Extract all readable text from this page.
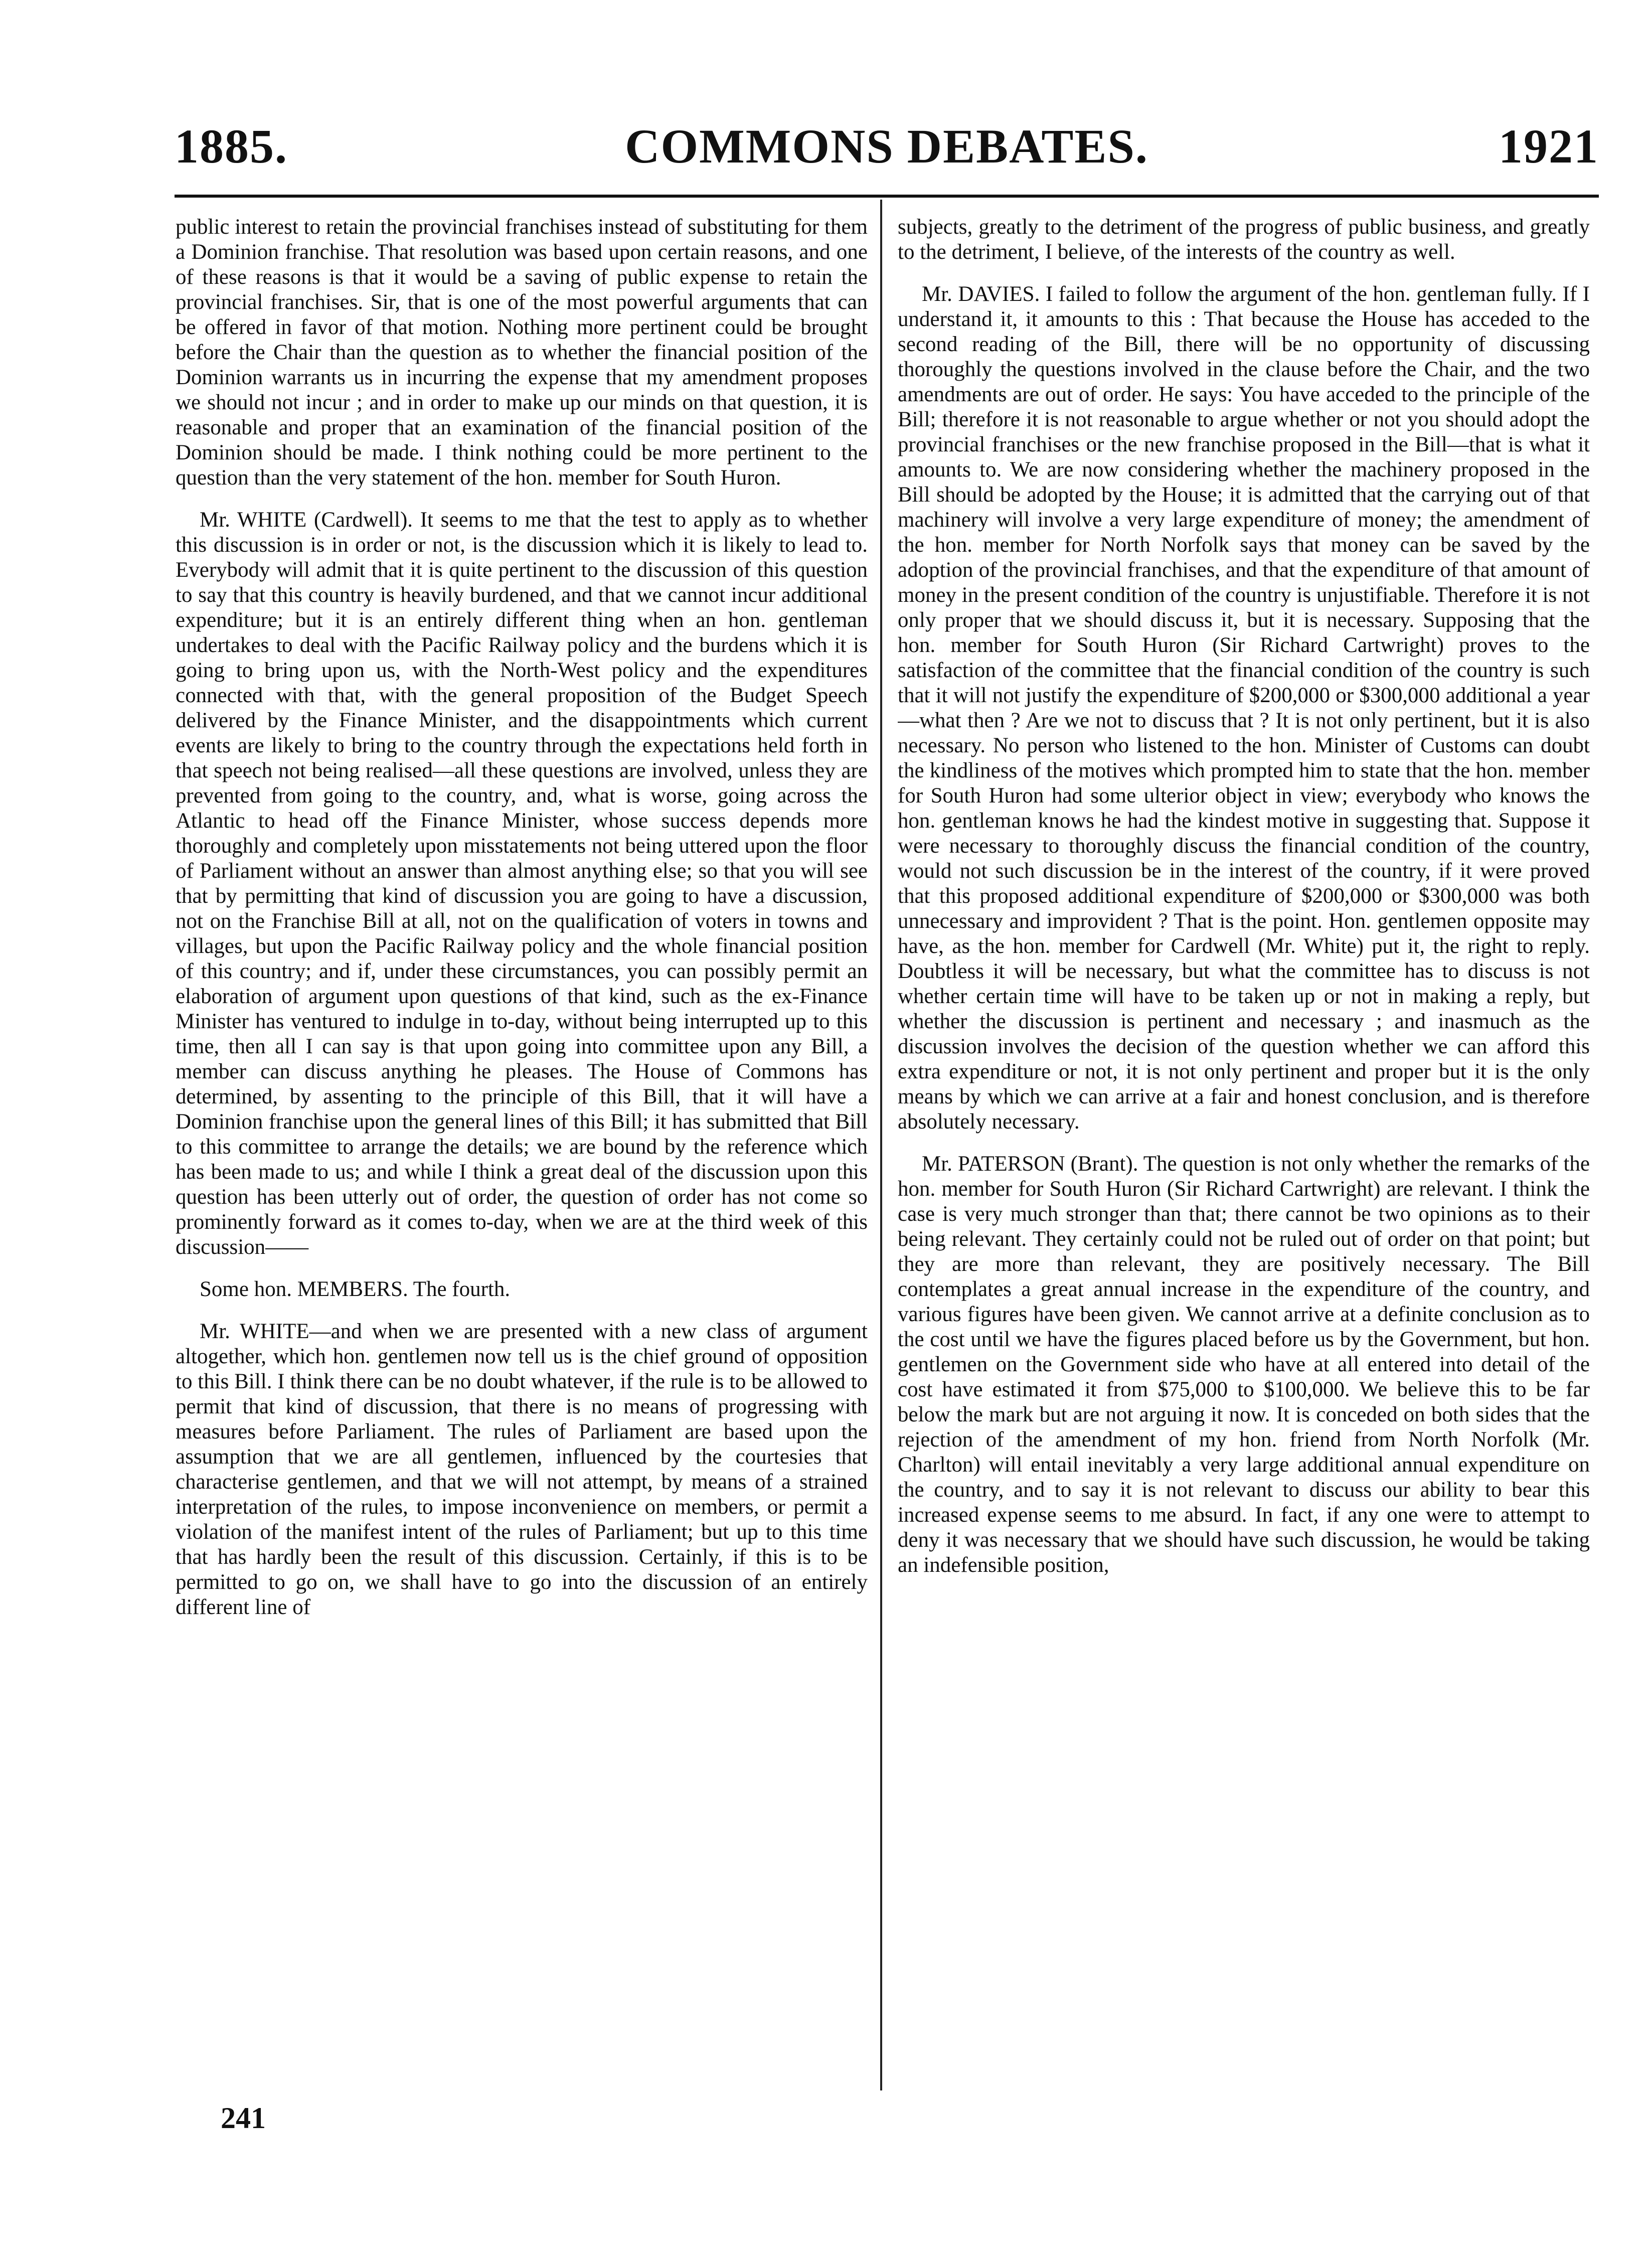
1885.	COMMONS DEBATES.	1921

public interest to retain the provincial franchises instead of substituting for them a Dominion franchise. That resolution was based upon certain reasons, and one of these reasons is that it would be a saving of public expense to retain the provincial franchises. Sir, that is one of the most powerful arguments that can be offered in favor of that motion. Nothing more pertinent could be brought before the Chair than the question as to whether the financial position of the Dominion warrants us in incurring the expense that my amendment proposes we should not incur ; and in order to make up our minds on that question, it is reasonable and proper that an examination of the financial position of the Dominion should be made. I think nothing could be more pertinent to the question than the very statement of the hon. member for South Huron.

Mr. WHITE (Cardwell). It seems to me that the test to apply as to whether this discussion is in order or not, is the discussion which it is likely to lead to. Everybody will admit that it is quite pertinent to the discussion of this question to say that this country is heavily burdened, and that we cannot incur additional expenditure; but it is an entirely different thing when an hon. gentleman undertakes to deal with the Pacific Railway policy and the burdens which it is going to bring upon us, with the North-West policy and the expenditures connected with that, with the general proposition of the Budget Speech delivered by the Finance Minister, and the disappointments which current events are likely to bring to the country through the expectations held forth in that speech not being realised—all these questions are involved, unless they are prevented from going to the country, and, what is worse, going across the Atlantic to head off the Finance Minister, whose success depends more thoroughly and completely upon misstatements not being uttered upon the floor of Parliament without an answer than almost anything else; so that you will see that by permitting that kind of discussion you are going to have a discussion, not on the Franchise Bill at all, not on the qualification of voters in towns and villages, but upon the Pacific Railway policy and the whole financial position of this country; and if, under these circumstances, you can possibly permit an elaboration of argument upon questions of that kind, such as the ex-Finance Minister has ventured to indulge in to-day, without being interrupted up to this time, then all I can say is that upon going into committee upon any Bill, a member can discuss anything he pleases. The House of Commons has determined, by assenting to the principle of this Bill, that it will have a Dominion franchise upon the general lines of this Bill; it has submitted that Bill to this committee to arrange the details; we are bound by the reference which has been made to us; and while I think a great deal of the discussion upon this question has been utterly out of order, the question of order has not come so prominently forward as it comes to-day, when we are at the third week of this discussion——

Some hon. MEMBERS. The fourth.

Mr. WHITE—and when we are presented with a new class of argument altogether, which hon. gentlemen now tell us is the chief ground of opposition to this Bill. I think there can be no doubt whatever, if the rule is to be allowed to permit that kind of discussion, that there is no means of progressing with measures before Parliament. The rules of Parliament are based upon the assumption that we are all gentlemen, influenced by the courtesies that characterise gentlemen, and that we will not attempt, by means of a strained interpretation of the rules, to impose inconvenience on members, or permit a violation of the manifest intent of the rules of Parliament; but up to this time that has hardly been the result of this discussion. Certainly, if this is to be permitted to go on, we shall have to go into the discussion of an entirely different line of

subjects, greatly to the detriment of the progress of public business, and greatly to the detriment, I believe, of the interests of the country as well.

Mr. DAVIES. I failed to follow the argument of the hon. gentleman fully. If I understand it, it amounts to this : That because the House has acceded to the second reading of the Bill, there will be no opportunity of discussing thoroughly the questions involved in the clause before the Chair, and the two amendments are out of order. He says: You have acceded to the principle of the Bill; therefore it is not reasonable to argue whether or not you should adopt the provincial franchises or the new franchise proposed in the Bill—that is what it amounts to. We are now considering whether the machinery proposed in the Bill should be adopted by the House; it is admitted that the carrying out of that machinery will involve a very large expenditure of money; the amendment of the hon. member for North Norfolk says that money can be saved by the adoption of the provincial franchises, and that the expenditure of that amount of money in the present condition of the country is unjustifiable. Therefore it is not only proper that we should discuss it, but it is necessary. Supposing that the hon. member for South Huron (Sir Richard Cartwright) proves to the satisfaction of the committee that the financial condition of the country is such that it will not justify the expenditure of $200,000 or $300,000 additional a year—what then ? Are we not to discuss that ? It is not only pertinent, but it is also necessary. No person who listened to the hon. Minister of Customs can doubt the kindliness of the motives which prompted him to state that the hon. member for South Huron had some ulterior object in view; everybody who knows the hon. gentleman knows he had the kindest motive in suggesting that. Suppose it were necessary to thoroughly discuss the financial condition of the country, would not such discussion be in the interest of the country, if it were proved that this proposed additional expenditure of $200,000 or $300,000 was both unnecessary and improvident ? That is the point. Hon. gentlemen opposite may have, as the hon. member for Cardwell (Mr. White) put it, the right to reply. Doubtless it will be necessary, but what the committee has to discuss is not whether certain time will have to be taken up or not in making a reply, but whether the discussion is pertinent and necessary ; and inasmuch as the discussion involves the decision of the question whether we can afford this extra expenditure or not, it is not only pertinent and proper but it is the only means by which we can arrive at a fair and honest conclusion, and is therefore absolutely necessary.

Mr. PATERSON (Brant). The question is not only whether the remarks of the hon. member for South Huron (Sir Richard Cartwright) are relevant. I think the case is very much stronger than that; there cannot be two opinions as to their being relevant. They certainly could not be ruled out of order on that point; but they are more than relevant, they are positively necessary. The Bill contemplates a great annual increase in the expenditure of the country, and various figures have been given. We cannot arrive at a definite conclusion as to the cost until we have the figures placed before us by the Government, but hon. gentlemen on the Government side who have at all entered into detail of the cost have estimated it from $75,000 to $100,000. We believe this to be far below the mark but are not arguing it now. It is conceded on both sides that the rejection of the amendment of my hon. friend from North Norfolk (Mr. Charlton) will entail inevitably a very large additional annual expenditure on the country, and to say it is not relevant to discuss our ability to bear this increased expense seems to me absurd. In fact, if any one were to attempt to deny it was necessary that we should have such discussion, he would be taking an indefensible position,

241
